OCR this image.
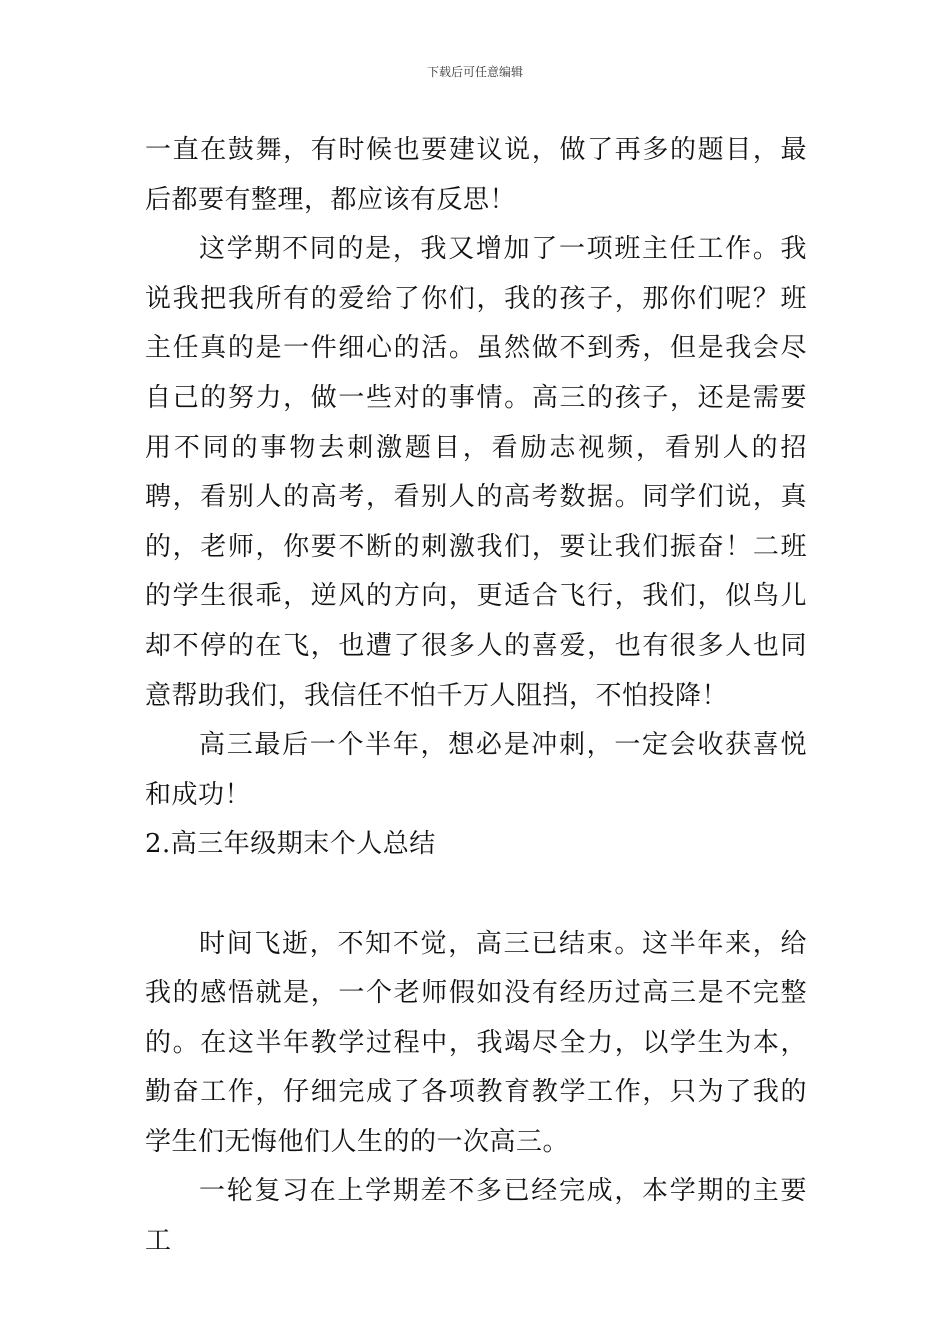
下载后可任意编辑

一直在鼓舞，有时候也要建议说，做了再多的题目，最后都要有整理，都应该有反思！

这学期不同的是，我又增加了一项班主任工作。我说我把我所有的爱给了你们，我的孩子，那你们呢？班主任真的是一件细心的活。虽然做不到秀，但是我会尽自己的努力，做一些对的事情。高三的孩子，还是需要用不同的事物去刺激题目，看励志视频，看别人的招聘，看别人的高考，看别人的高考数据。同学们说，真的，老师，你要不断的刺激我们，要让我们振奋！二班的学生很乖，逆风的方向，更适合飞行，我们，似鸟儿却不停的在飞，也遭了很多人的喜爱，也有很多人也同意帮助我们，我信任不怕千万人阻挡，不怕投降！

高三最后一个半年，想必是冲刺，一定会收获喜悦和成功！

2.高三年级期末个人总结

时间飞逝，不知不觉，高三已结束。这半年来，给我的感悟就是，一个老师假如没有经历过高三是不完整的。在这半年教学过程中，我竭尽全力，以学生为本，勤奋工作，仔细完成了各项教育教学工作，只为了我的学生们无悔他们人生的的一次高三。

一轮复习在上学期差不多已经完成，本学期的主要工
